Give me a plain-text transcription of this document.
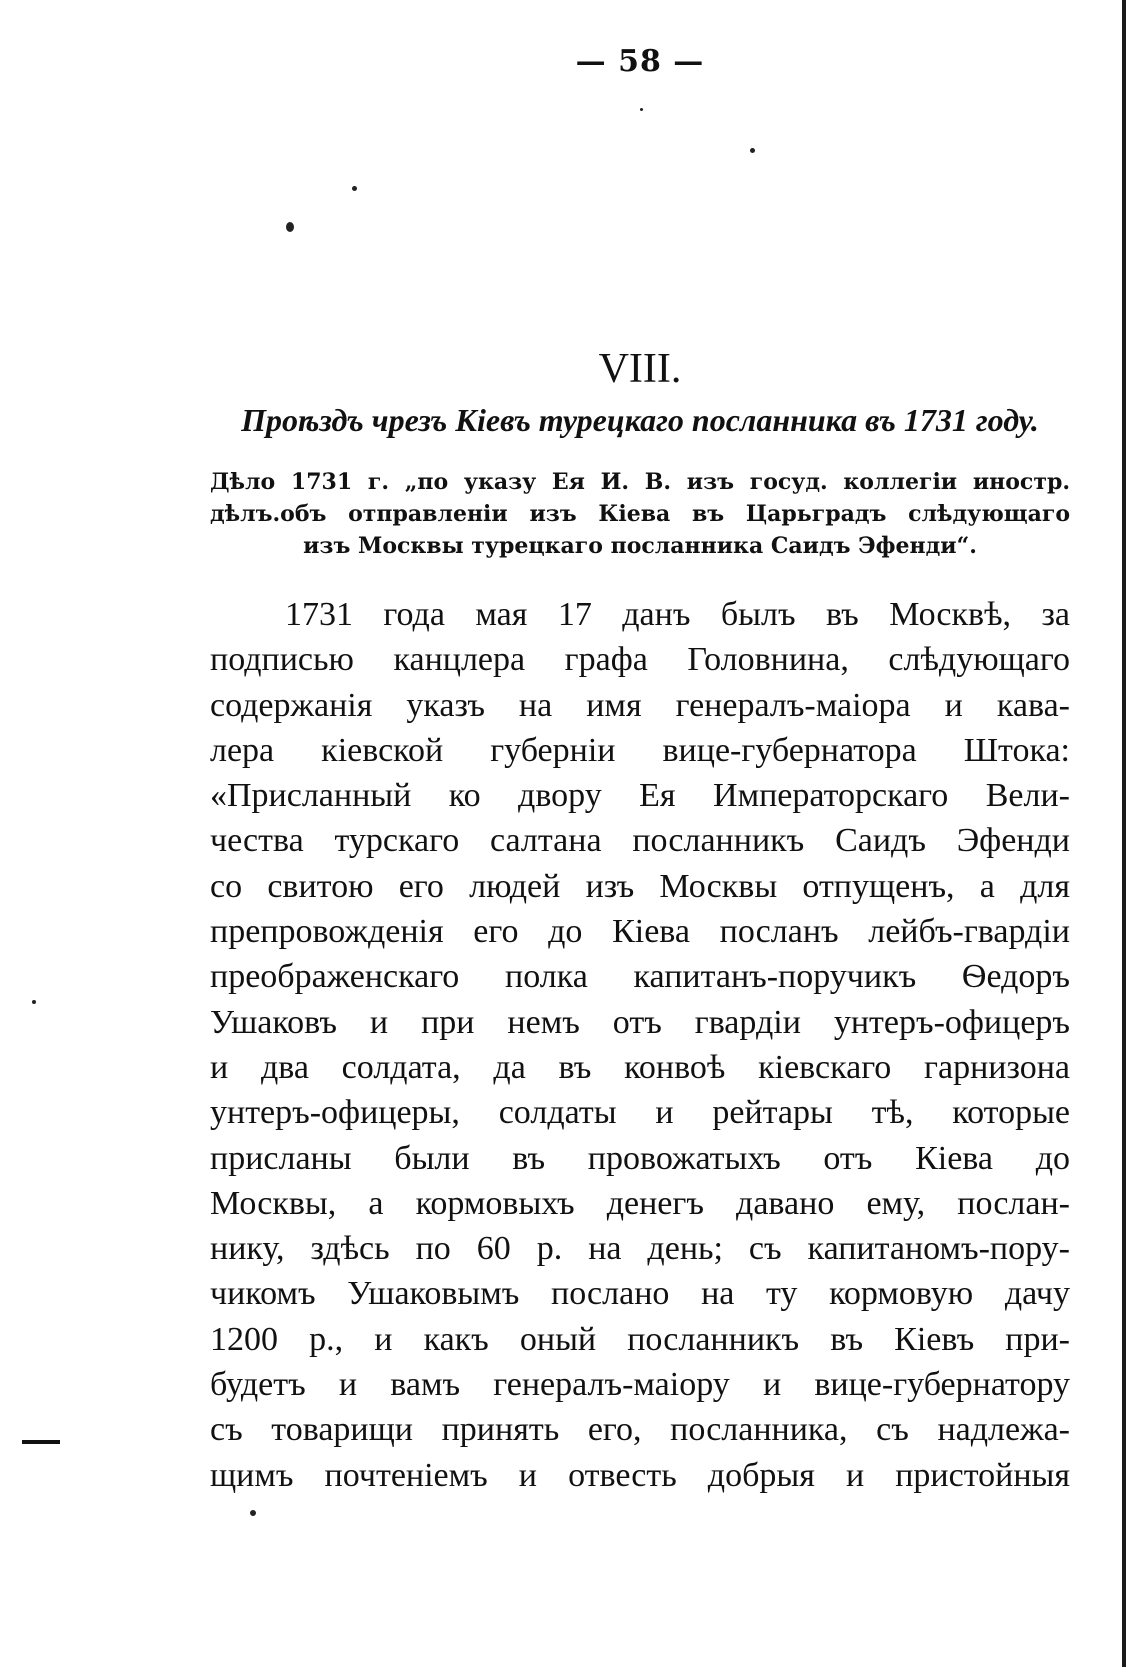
— 58 —
VIII.
Проѣздъ чрезъ Кіевъ турецкаго посланника въ 1731 году.
Дѣло 1731 г. „по указу Ея И. В. изъ госуд. коллегіи иностр.
дѣлъ.объ отправленіи изъ Кіева въ Царьградъ слѣдующаго
изъ Москвы турецкаго посланника Саидъ Эфенди“.
1731 года мая 17 данъ былъ въ Москвѣ, за
подписью канцлера графа Головнина, слѣдующаго
содержанія указъ на имя генералъ-маіора и кава-
лера кіевской губерніи вице-губернатора Штока:
«Присланный ко двору Ея Императорскаго Вели-
чества турскаго салтана посланникъ Саидъ Эфенди
со свитою его людей изъ Москвы отпущенъ, а для
препровожденія его до Кіева посланъ лейбъ-гвардіи
преображенскаго полка капитанъ-поручикъ Ѳедоръ
Ушаковъ и при немъ отъ гвардіи унтеръ-офицеръ
и два солдата, да въ конвоѣ кіевскаго гарнизона
унтеръ-офицеры, солдаты и рейтары тѣ, которые
присланы были въ провожатыхъ отъ Кіева до
Москвы, а кормовыхъ денегъ давано ему, послан-
нику, здѣсь по 60 р. на день; съ капитаномъ-пору-
чикомъ Ушаковымъ послано на ту кормовую дачу
1200 р., и какъ оный посланникъ въ Кіевъ при-
будетъ и вамъ генералъ-маіору и вице-губернатору
съ товарищи принять его, посланника, съ надлежа-
щимъ почтеніемъ и отвесть добрыя и пристойныя
